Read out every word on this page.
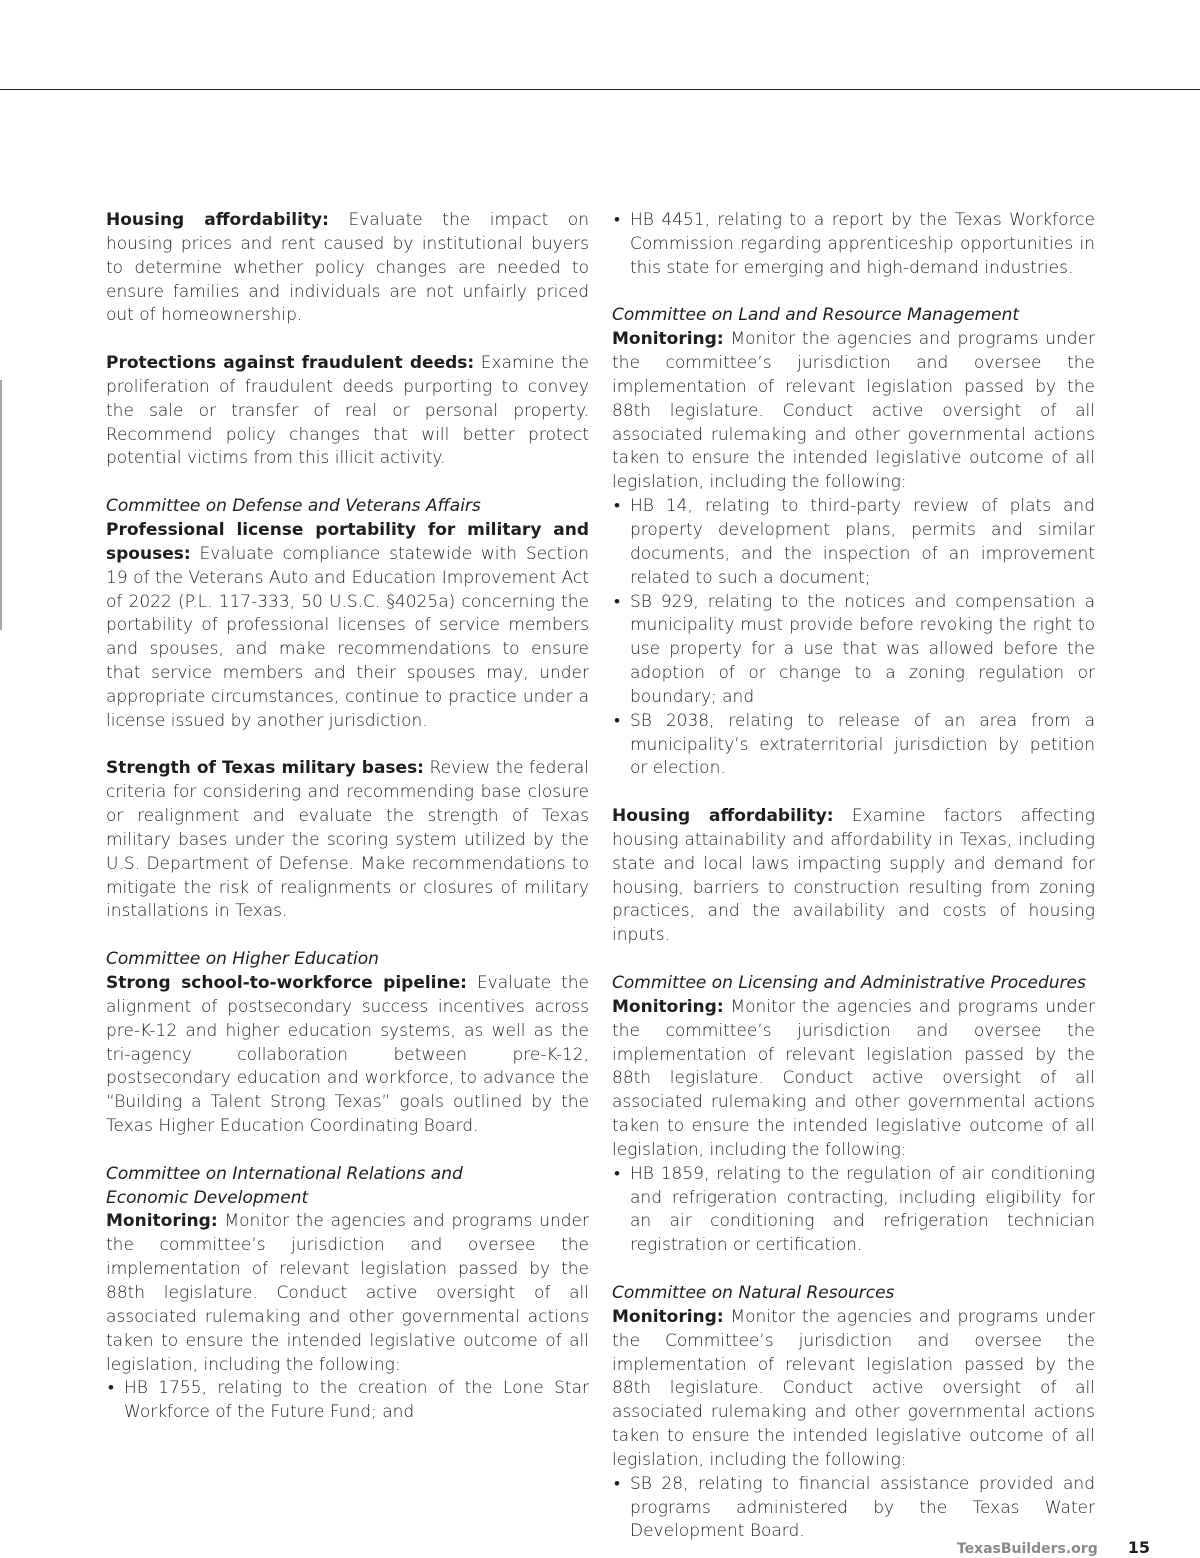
Housing affordability: Evaluate the impact on housing prices and rent caused by institutional buyers to determine whether policy changes are needed to ensure families and individuals are not unfairly priced out of homeownership.

Protections against fraudulent deeds: Examine the proliferation of fraudulent deeds purporting to convey the sale or transfer of real or personal property. Recommend policy changes that will better protect potential victims from this illicit activity.

Committee on Defense and Veterans Affairs

Professional license portability for military and spouses: Evaluate compliance statewide with Section 19 of the Veterans Auto and Education Improvement Act of 2022 (P.L. 117-333, 50 U.S.C. §4025a) concerning the portability of professional licenses of service members and spouses, and make recommendations to ensure that service members and their spouses may, under appropriate circumstances, continue to practice under a license issued by another jurisdiction.

Strength of Texas military bases: Review the federal criteria for considering and recommending base closure or realignment and evaluate the strength of Texas military bases under the scoring system utilized by the U.S. Department of Defense. Make recommendations to mitigate the risk of realignments or closures of military installations in Texas.

Committee on Higher Education

Strong school-to-workforce pipeline: Evaluate the alignment of postsecondary success incentives across pre-K-12 and higher education systems, as well as the tri-agency collaboration between pre-K-12, postsecondary education and workforce, to advance the “Building a Talent Strong Texas” goals outlined by the Texas Higher Education Coordinating Board.

Committee on International Relations and
Economic Development

Monitoring: Monitor the agencies and programs under the committee’s jurisdiction and oversee the implementation of relevant legislation passed by the 88th legislature. Conduct active oversight of all associated rulemaking and other governmental actions taken to ensure the intended legislative outcome of all legislation, including the following:

• HB 1755, relating to the creation of the Lone Star Workforce of the Future Fund; and
• HB 4451, relating to a report by the Texas Workforce Commission regarding apprenticeship opportunities in this state for emerging and high-demand industries.

Committee on Land and Resource Management

Monitoring: Monitor the agencies and programs under the committee’s jurisdiction and oversee the implementation of relevant legislation passed by the 88th legislature. Conduct active oversight of all associated rulemaking and other governmental actions taken to ensure the intended legislative outcome of all legislation, including the following:

• HB 14, relating to third-party review of plats and property development plans, permits and similar documents, and the inspection of an improvement related to such a document;
• SB 929, relating to the notices and compensation a municipality must provide before revoking the right to use property for a use that was allowed before the adoption of or change to a zoning regulation or boundary; and
• SB 2038, relating to release of an area from a municipality’s extraterritorial jurisdiction by petition or election.

Housing affordability: Examine factors affecting housing attainability and affordability in Texas, including state and local laws impacting supply and demand for housing, barriers to construction resulting from zoning practices, and the availability and costs of housing inputs.

Committee on Licensing and Administrative Procedures

Monitoring: Monitor the agencies and programs under the committee’s jurisdiction and oversee the implementation of relevant legislation passed by the 88th legislature. Conduct active oversight of all associated rulemaking and other governmental actions taken to ensure the intended legislative outcome of all legislation, including the following:

• HB 1859, relating to the regulation of air conditioning and refrigeration contracting, including eligibility for an air conditioning and refrigeration technician registration or certification.

Committee on Natural Resources

Monitoring: Monitor the agencies and programs under the Committee’s jurisdiction and oversee the implementation of relevant legislation passed by the 88th legislature. Conduct active oversight of all associated rulemaking and other governmental actions taken to ensure the intended legislative outcome of all legislation, including the following:

• SB 28, relating to financial assistance provided and programs administered by the Texas Water Development Board.
TexasBuilders.org 15
